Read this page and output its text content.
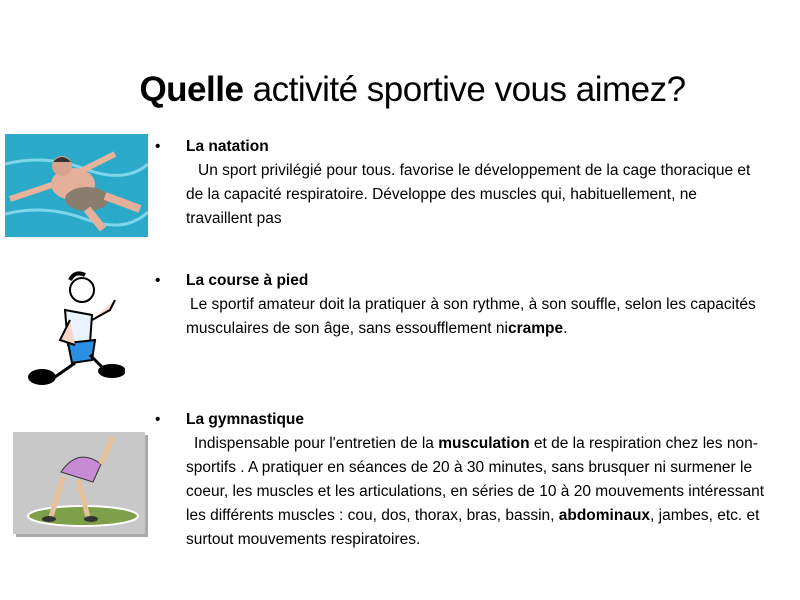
Quelle activité sportive vous aimez?
• La natation
Un sport privilégié pour tous. favorise le développement de la cage thoracique et de la capacité respiratoire. Développe des muscles qui, habituellement, ne travaillent pas
• La course à pied
Le sportif amateur doit la pratiquer à son rythme, à son souffle, selon les capacités musculaires de son âge, sans essoufflement nicrampe.
• La gymnastique
Indispensable pour l'entretien de la musculation et de la respiration chez les non-sportifs . A pratiquer en séances de 20 à 30 minutes, sans brusquer ni surmener le coeur, les muscles et les articulations, en séries de 10 à 20 mouvements intéressant les différents muscles : cou, dos, thorax, bras, bassin, abdominaux, jambes, etc. et surtout mouvements respiratoires.
